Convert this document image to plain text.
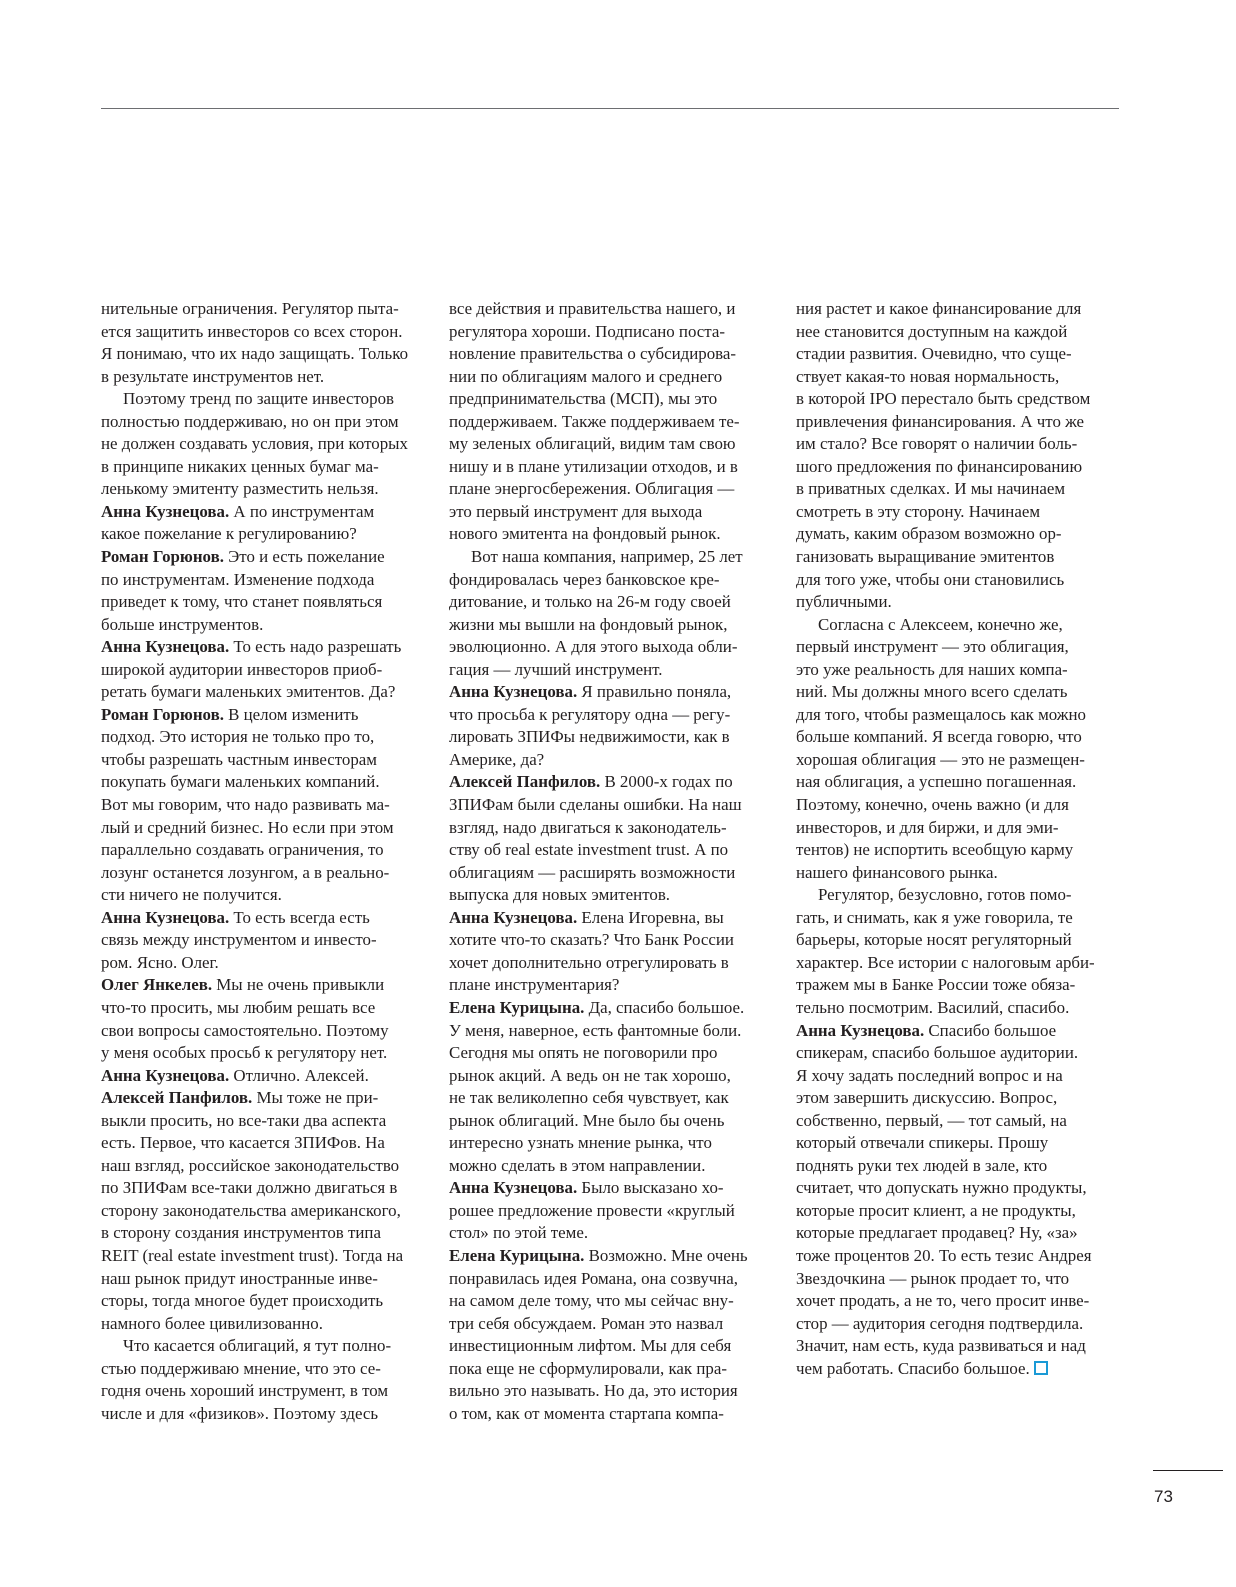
нительные ограничения. Регулятор пыта-
ется защитить инвесторов со всех сторон.
Я понимаю, что их надо защищать. Только
в результате инструментов нет.
Поэтому тренд по защите инвесторов
полностью поддерживаю, но он при этом
не должен создавать условия, при которых
в принципе никаких ценных бумаг ма-
ленькому эмитенту разместить нельзя.
Анна Кузнецова. А по инструментам
какое пожелание к регулированию?
Роман Горюнов. Это и есть пожелание
по инструментам. Изменение подхода
приведет к тому, что станет появляться
больше инструментов.
Анна Кузнецова. То есть надо разрешать
широкой аудитории инвесторов приоб-
ретать бумаги маленьких эмитентов. Да?
Роман Горюнов. В целом изменить
подход. Это история не только про то,
чтобы разрешать частным инвесторам
покупать бумаги маленьких компаний.
Вот мы говорим, что надо развивать ма-
лый и средний бизнес. Но если при этом
параллельно создавать ограничения, то
лозунг останется лозунгом, а в реально-
сти ничего не получится.
Анна Кузнецова. То есть всегда есть
связь между инструментом и инвесто-
ром. Ясно. Олег.
Олег Янкелев. Мы не очень привыкли
что-то просить, мы любим решать все
свои вопросы самостоятельно. Поэтому
у меня особых просьб к регулятору нет.
Анна Кузнецова. Отлично. Алексей.
Алексей Панфилов. Мы тоже не при-
выкли просить, но все-таки два аспекта
есть. Первое, что касается ЗПИФов. На
наш взгляд, российское законодательство
по ЗПИФам все-таки должно двигаться в
сторону законодательства американского,
в сторону создания инструментов типа
REIT (real estate investment trust). Тогда на
наш рынок придут иностранные инве-
сторы, тогда многое будет происходить
намного более цивилизованно.
Что касается облигаций, я тут полно-
стью поддерживаю мнение, что это се-
годня очень хороший инструмент, в том
числе и для «физиков». Поэтому здесь
все действия и правительства нашего, и
регулятора хороши. Подписано поста-
новление правительства о субсидирова-
нии по облигациям малого и среднего
предпринимательства (МСП), мы это
поддерживаем. Также поддерживаем те-
му зеленых облигаций, видим там свою
нишу и в плане утилизации отходов, и в
плане энергосбережения. Облигация —
это первый инструмент для выхода
нового эмитента на фондовый рынок.
Вот наша компания, например, 25 лет
фондировалась через банковское кре-
дитование, и только на 26-м году своей
жизни мы вышли на фондовый рынок,
эволюционно. А для этого выхода обли-
гация — лучший инструмент.
Анна Кузнецова. Я правильно поняла,
что просьба к регулятору одна — регу-
лировать ЗПИФы недвижимости, как в
Америке, да?
Алексей Панфилов. В 2000-х годах по
ЗПИФам были сделаны ошибки. На наш
взгляд, надо двигаться к законодатель-
ству об real estate investment trust. А по
облигациям — расширять возможности
выпуска для новых эмитентов.
Анна Кузнецова. Елена Игоревна, вы
хотите что-то сказать? Что Банк России
хочет дополнительно отрегулировать в
плане инструментария?
Елена Курицына. Да, спасибо большое.
У меня, наверное, есть фантомные боли.
Сегодня мы опять не поговорили про
рынок акций. А ведь он не так хорошо,
не так великолепно себя чувствует, как
рынок облигаций. Мне было бы очень
интересно узнать мнение рынка, что
можно сделать в этом направлении.
Анна Кузнецова. Было высказано хо-
рошее предложение провести «круглый
стол» по этой теме.
Елена Курицына. Возможно. Мне очень
понравилась идея Романа, она созвучна,
на самом деле тому, что мы сейчас вну-
три себя обсуждаем. Роман это назвал
инвестиционным лифтом. Мы для себя
пока еще не сформулировали, как пра-
вильно это называть. Но да, это история
о том, как от момента стартапа компа-
ния растет и какое финансирование для
нее становится доступным на каждой
стадии развития. Очевидно, что суще-
ствует какая-то новая нормальность,
в которой IPO перестало быть средством
привлечения финансирования. А что же
им стало? Все говорят о наличии боль-
шого предложения по финансированию
в приватных сделках. И мы начинаем
смотреть в эту сторону. Начинаем
думать, каким образом возможно ор-
ганизовать выращивание эмитентов
для того уже, чтобы они становились
публичными.
Согласна с Алексеем, конечно же,
первый инструмент — это облигация,
это уже реальность для наших компа-
ний. Мы должны много всего сделать
для того, чтобы размещалось как можно
больше компаний. Я всегда говорю, что
хорошая облигация — это не размещен-
ная облигация, а успешно погашенная.
Поэтому, конечно, очень важно (и для
инвесторов, и для биржи, и для эми-
тентов) не испортить всеобщую карму
нашего финансового рынка.
Регулятор, безусловно, готов помо-
гать, и снимать, как я уже говорила, те
барьеры, которые носят регуляторный
характер. Все истории с налоговым арби-
тражем мы в Банке России тоже обяза-
тельно посмотрим. Василий, спасибо.
Анна Кузнецова. Спасибо большое
спикерам, спасибо большое аудитории.
Я хочу задать последний вопрос и на
этом завершить дискуссию. Вопрос,
собственно, первый, — тот самый, на
который отвечали спикеры. Прошу
поднять руки тех людей в зале, кто
считает, что допускать нужно продукты,
которые просит клиент, а не продукты,
которые предлагает продавец? Ну, «за»
тоже процентов 20. То есть тезис Андрея
Звездочкина — рынок продает то, что
хочет продать, а не то, чего просит инве-
стор — аудитория сегодня подтвердила.
Значит, нам есть, куда развиваться и над
чем работать. Спасибо большое.
73
